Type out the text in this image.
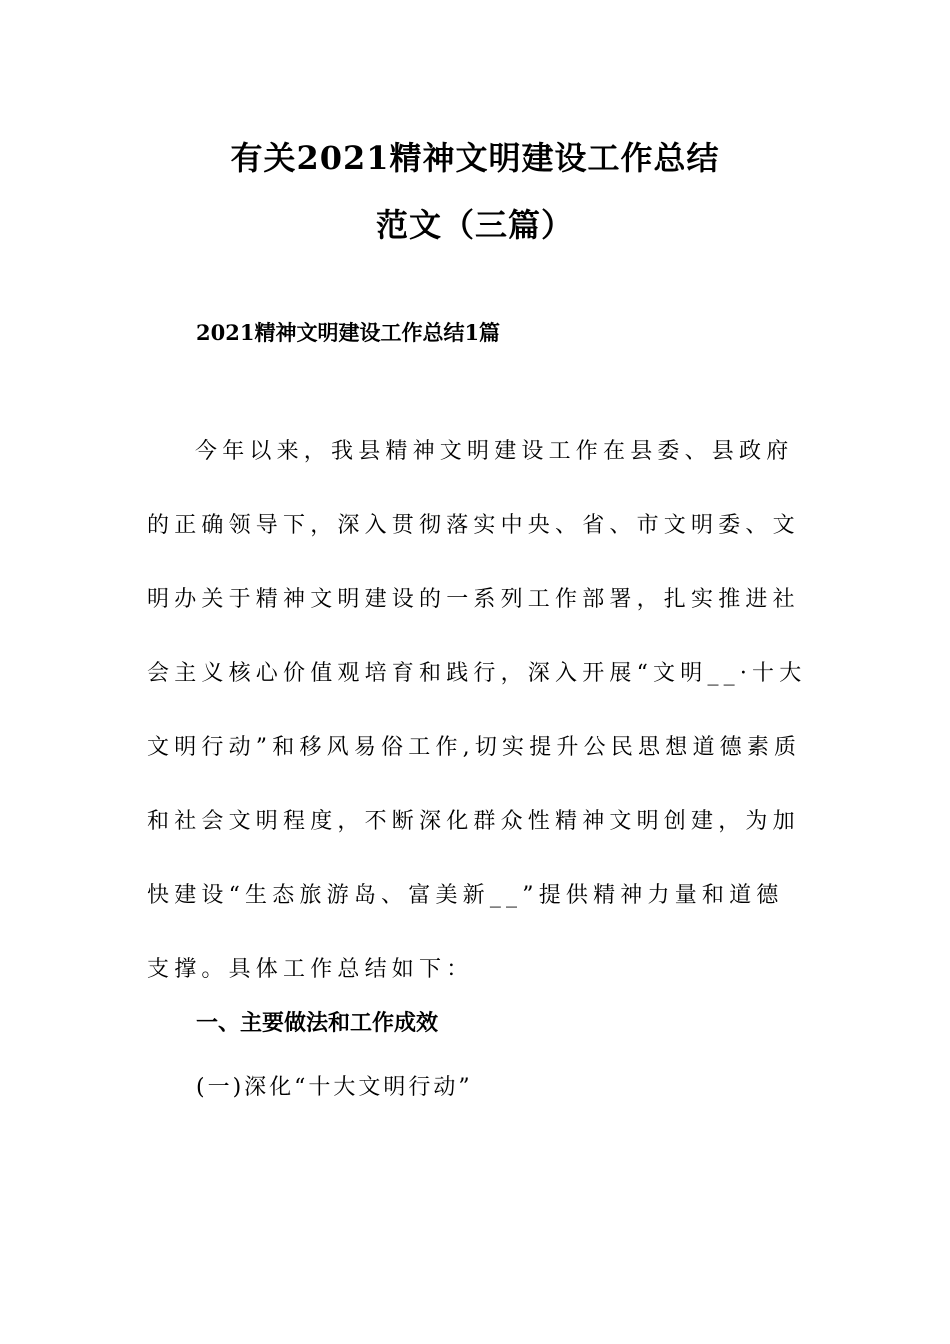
有关2021精神文明建设工作总结
范文（三篇）
2021精神文明建设工作总结1篇

今年以来，我县精神文明建设工作在县委、县政府的正确领导下，深入贯彻落实中央、省、市文明委、文明办关于精神文明建设的一系列工作部署，扎实推进社会主义核心价值观培育和践行，深入开展“文明__·十大文明行动”和移风易俗工作,切实提升公民思想道德素质和社会文明程度，不断深化群众性精神文明创建，为加快建设“生态旅游岛、富美新__”提供精神力量和道德支撑。具体工作总结如下：

一、主要做法和工作成效
(一)深化“十大文明行动”
